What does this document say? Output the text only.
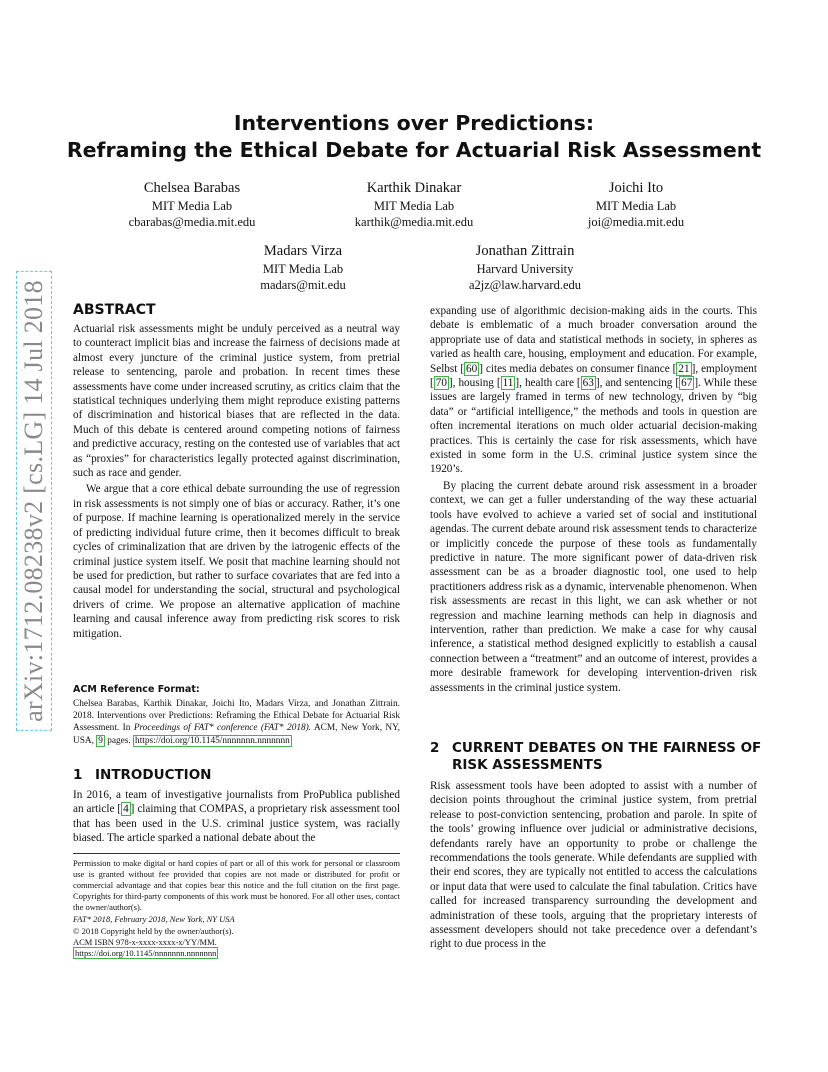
arXiv:1712.08238v2 [cs.LG] 14 Jul 2018
Interventions over Predictions:
Reframing the Ethical Debate for Actuarial Risk Assessment
Chelsea Barabas
MIT Media Lab
cbarabas@media.mit.edu
Karthik Dinakar
MIT Media Lab
karthik@media.mit.edu
Joichi Ito
MIT Media Lab
joi@media.mit.edu
Madars Virza
MIT Media Lab
madars@mit.edu
Jonathan Zittrain
Harvard University
a2jz@law.harvard.edu
ABSTRACT

Actuarial risk assessments might be unduly perceived as a neutral way to counteract implicit bias and increase the fairness of decisions made at almost every juncture of the criminal justice system, from pretrial release to sentencing, parole and probation. In recent times these assessments have come under increased scrutiny, as critics claim that the statistical techniques underlying them might reproduce existing patterns of discrimination and historical biases that are reflected in the data. Much of this debate is centered around competing notions of fairness and predictive accuracy, resting on the contested use of variables that act as “proxies” for characteristics legally protected against discrimination, such as race and gender.

We argue that a core ethical debate surrounding the use of regression in risk assessments is not simply one of bias or accuracy. Rather, it’s one of purpose. If machine learning is operationalized merely in the service of predicting individual future crime, then it becomes difficult to break cycles of criminalization that are driven by the iatrogenic effects of the criminal justice system itself. We posit that machine learning should not be used for prediction, but rather to surface covariates that are fed into a causal model for understanding the social, structural and psychological drivers of crime. We propose an alternative application of machine learning and causal inference away from predicting risk scores to risk mitigation.

ACM Reference Format:
Chelsea Barabas, Karthik Dinakar, Joichi Ito, Madars Virza, and Jonathan Zittrain. 2018. Interventions over Predictions: Reframing the Ethical Debate for Actuarial Risk Assessment. In Proceedings of FAT* conference (FAT* 2018). ACM, New York, NY, USA, 9 pages. https://doi.org/10.1145/nnnnnnn.nnnnnnn
1 INTRODUCTION

In 2016, a team of investigative journalists from ProPublica published an article [ 4 ] claiming that COMPAS, a proprietary risk assessment tool that has been used in the U.S. criminal justice system, was racially biased. The article sparked a national debate about the

Permission to make digital or hard copies of part or all of this work for personal or classroom use is granted without fee provided that copies are not made or distributed for profit or commercial advantage and that copies bear this notice and the full citation on the first page. Copyrights for third-party components of this work must be honored. For all other uses, contact the owner/author(s).
FAT* 2018, February 2018, New York, NY USA
© 2018 Copyright held by the owner/author(s).
ACM ISBN 978-x-xxxx-xxxx-x/YY/MM.
https://doi.org/10.1145/nnnnnnn.nnnnnnn

expanding use of algorithmic decision-making aids in the courts. This debate is emblematic of a much broader conversation around the appropriate use of data and statistical methods in society, in spheres as varied as health care, housing, employment and education. For example, Selbst [ 60 ] cites media debates on consumer finance [ 21 ], employment [ 70 ], housing [ 11 ], health care [ 63 ], and sentencing [ 67 ]. While these issues are largely framed in terms of new technology, driven by “big data” or “artificial intelligence,” the methods and tools in question are often incremental iterations on much older actuarial decision-making practices. This is certainly the case for risk assessments, which have existed in some form in the U.S. criminal justice system since the 1920’s.

By placing the current debate around risk assessment in a broader context, we can get a fuller understanding of the way these actuarial tools have evolved to achieve a varied set of social and institutional agendas. The current debate around risk assessment tends to characterize or implicitly concede the purpose of these tools as fundamentally predictive in nature. The more significant power of data-driven risk assessment can be as a broader diagnostic tool, one used to help practitioners address risk as a dynamic, intervenable phenomenon. When risk assessments are recast in this light, we can ask whether or not regression and machine learning methods can help in diagnosis and intervention, rather than prediction. We make a case for why causal inference, a statistical method designed explicitly to establish a causal connection between a “treatment” and an outcome of interest, provides a more desirable framework for developing intervention-driven risk assessments in the criminal justice system.

2 CURRENT DEBATES ON THE FAIRNESS OF
RISK ASSESSMENTS

Risk assessment tools have been adopted to assist with a number of decision points throughout the criminal justice system, from pretrial release to post-conviction sentencing, probation and parole. In spite of the tools’ growing influence over judicial or administrative decisions, defendants rarely have an opportunity to probe or challenge the recommendations the tools generate. While defendants are supplied with their end scores, they are typically not entitled to access the calculations or input data that were used to calculate the final tabulation. Critics have called for increased transparency surrounding the development and administration of these tools, arguing that the proprietary interests of assessment developers should not take precedence over a defendant’s right to due process in the
